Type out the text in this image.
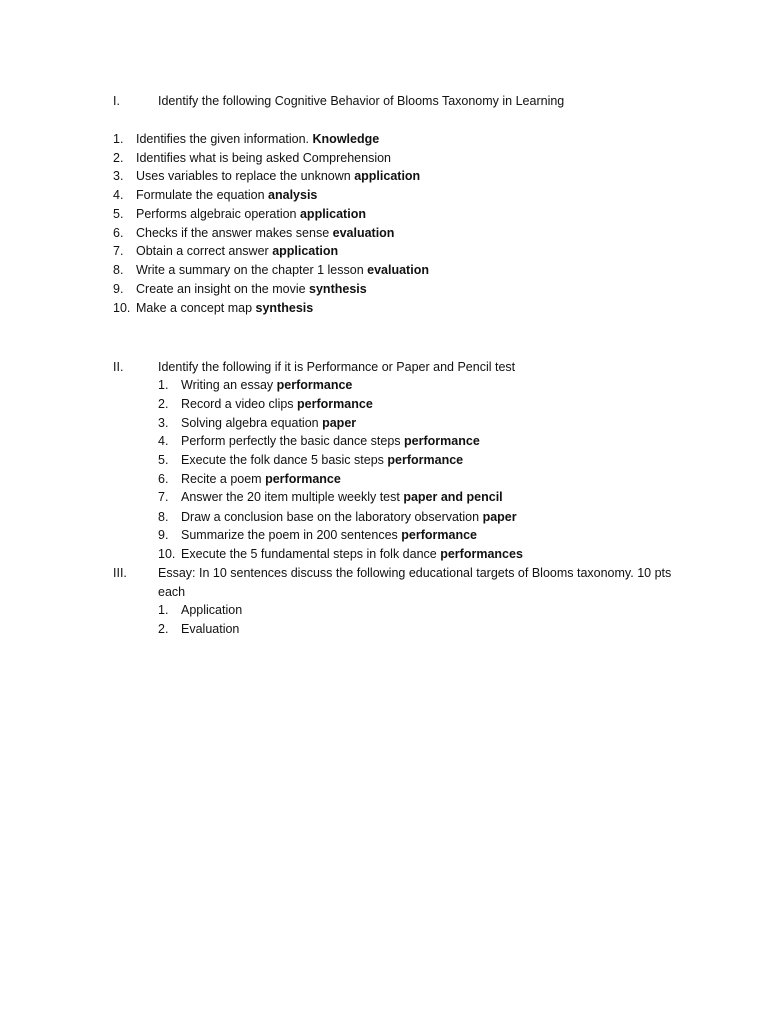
I.	Identify the following Cognitive Behavior of Blooms Taxonomy in Learning
1. Identifies the given information. Knowledge
2. Identifies what is being asked Comprehension
3. Uses variables to replace the unknown application
4. Formulate the equation analysis
5. Performs algebraic operation application
6. Checks if the answer makes sense evaluation
7. Obtain a correct answer application
8. Write a summary on the chapter 1 lesson evaluation
9. Create an insight on the movie synthesis
10. Make a concept map synthesis
II.	Identify the following if it is Performance or Paper and Pencil test
1. Writing an essay performance
2. Record a video clips performance
3. Solving algebra equation paper
4. Perform perfectly the basic dance steps performance
5. Execute the folk dance 5 basic steps performance
6. Recite a poem performance
7. Answer the 20 item multiple weekly test paper and pencil
8. Draw a conclusion base on the laboratory observation paper
9. Summarize the poem in 200 sentences performance
10. Execute the 5 fundamental steps in folk dance performances
III. Essay: In 10 sentences discuss the following educational targets of Blooms taxonomy. 10 pts
each
1. Application
2. Evaluation
